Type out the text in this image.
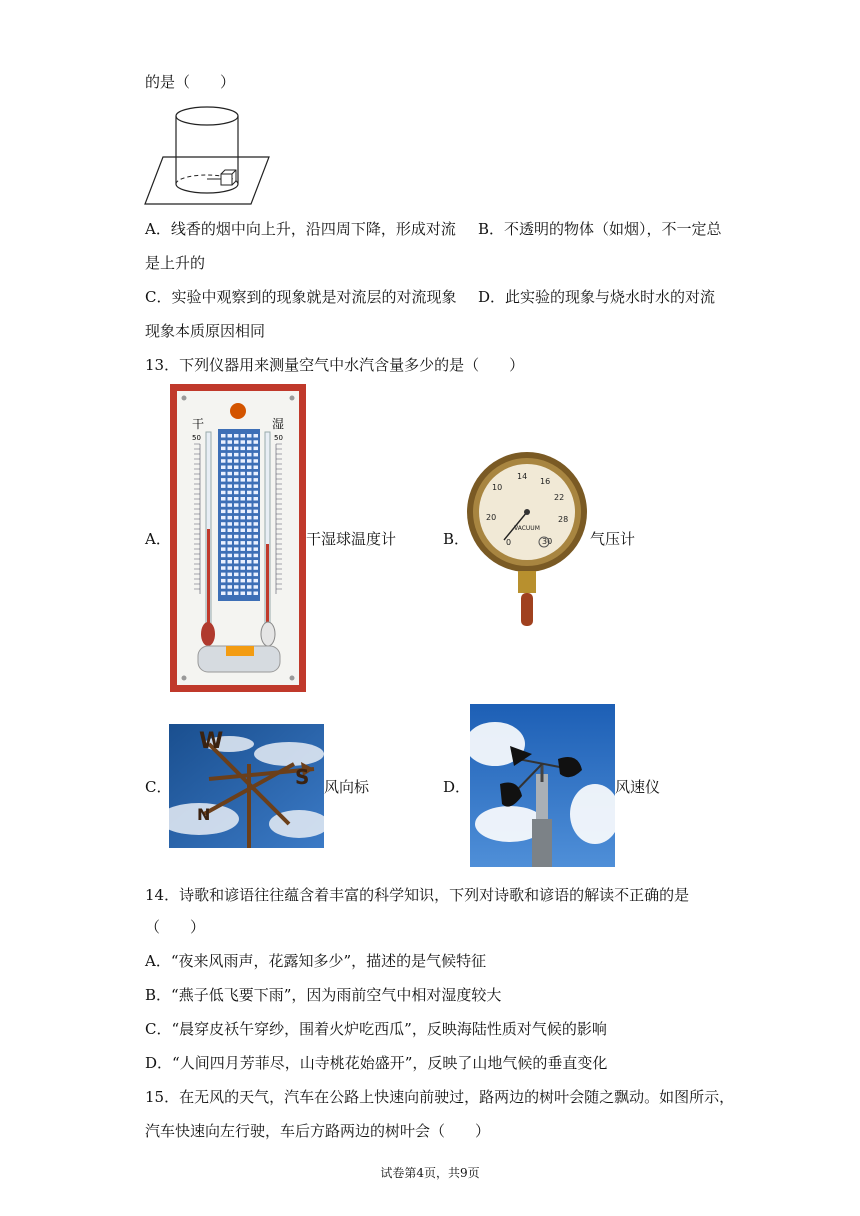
的是（　　）
A．线香的烟中向上升，沿四周下降，形成对流 B．不透明的物体（如烟），不一定总
是上升的
C．实验中观察到的现象就是对流层的对流现象 D．此实验的现象与烧水时水的对流
现象本质原因相同
13．下列仪器用来测量空气中水汽含量多少的是（　　）
干	湿
50	50
A．	干湿球温度计	0
10
14
16
20
22
28
30
VACUUM
B．	气压计
W
S
N
C．	风向标	D．	风速仪
14．诗歌和谚语往往蕴含着丰富的科学知识，下列对诗歌和谚语的解读不正确的是
（　　）
A．“夜来风雨声，花露知多少”，描述的是气候特征
B．“燕子低飞要下雨”，因为雨前空气中相对湿度较大
C．“晨穿皮袄午穿纱，围着火炉吃西瓜”，反映海陆性质对气候的影响
D．“人间四月芳菲尽，山寺桃花始盛开”，反映了山地气候的垂直变化
15．在无风的天气，汽车在公路上快速向前驶过，路两边的树叶会随之飘动。如图所示，
汽车快速向左行驶，车后方路两边的树叶会（　　）
试卷第4页，共9页
